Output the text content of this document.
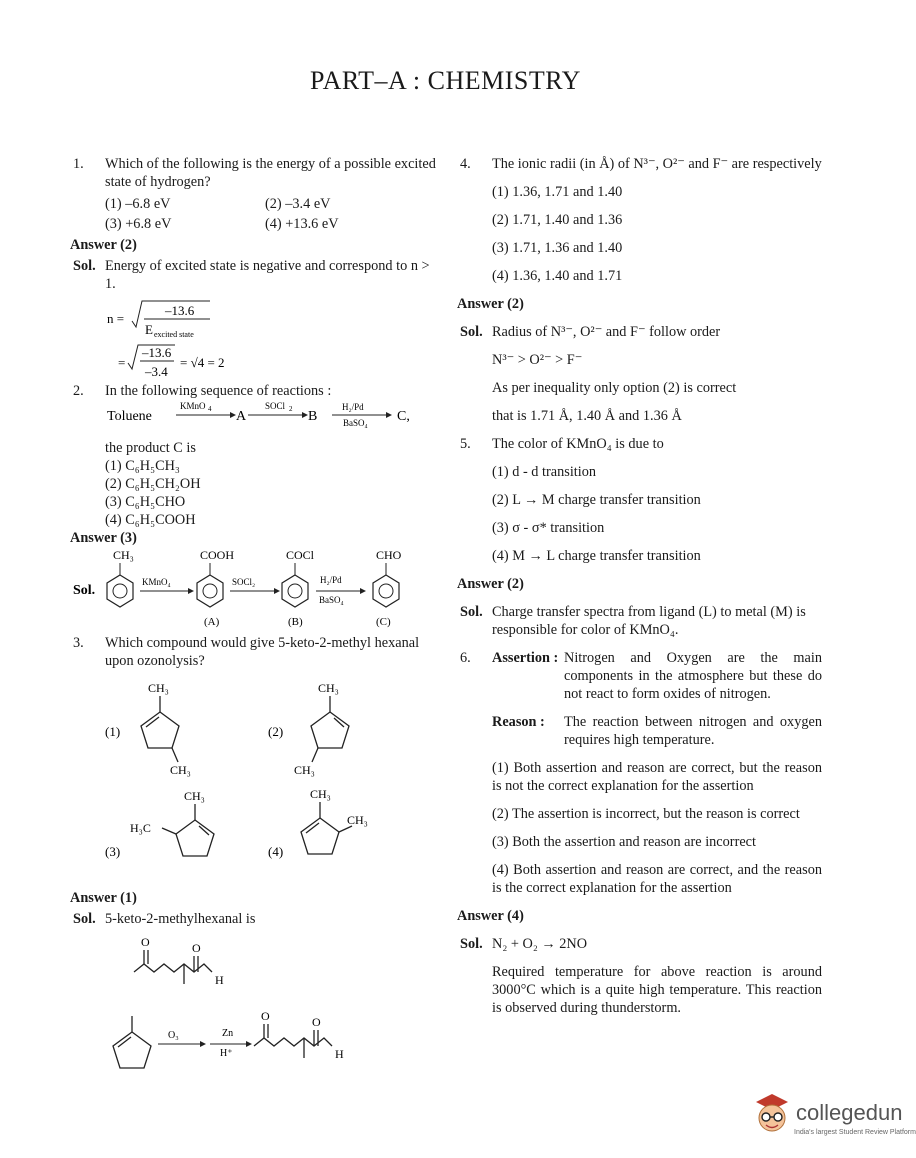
PART–A : CHEMISTRY
1. Which of the following is the energy of a possible excited state of hydrogen?
(1) –6.8 eV	(2) –3.4 eV
(3) +6.8 eV	(4) +13.6 eV
Answer (2)
Sol. Energy of excited state is negative and correspond to n > 1.
n =
–13.6
E excited state
=
–13.6
–3.4
= √4 = 2
2. In the following sequence of reactions :
Toluene
KMnO 4 A
SOCl 2 B
H₂/Pd
BaSO₄ C,
the product C is
(1) C₆H₅CH₃
(2) C₆H₅CH₂OH
(3) C₆H₅CHO
(4) C₆H₅COOH
Answer (3)
Sol.
CH₃
KMnO₄
COOH
(A)
SOCl₂
COCl
(B)
H₂/Pd
BaSO₄
CHO
(C)
3. Which compound would give 5-keto-2-methyl hexanal upon ozonolysis?
(1)
CH₃
CH₃
(2)
CH₃
CH₃
(3)
CH₃
H₃C
(4)
CH₃
CH₃
Answer (1)
Sol. 5-keto-2-methylhexanal is
O	O
H
O₃	Zn
H⁺
O	O
H
4. The ionic radii (in Å) of N³⁻, O²⁻ and F⁻ are respectively
(1) 1.36, 1.71 and 1.40
(2) 1.71, 1.40 and 1.36
(3) 1.71, 1.36 and 1.40
(4) 1.36, 1.40 and 1.71
Answer (2)
Sol. Radius of N³⁻, O²⁻ and F⁻ follow order
N³⁻ > O²⁻ > F⁻
As per inequality only option (2) is correct
that is 1.71 Å, 1.40 Å and 1.36 Å
5. The color of KMnO₄ is due to
(1) d - d transition
(2) L → M charge transfer transition
(3) σ - σ* transition
(4) M → L charge transfer transition
Answer (2)
Sol. Charge transfer spectra from ligand (L) to metal (M) is responsible for color of KMnO₄.
6. Assertion : Nitrogen and Oxygen are the main components in the atmosphere but these do not react to form oxides of nitrogen.
Reason : The reaction between nitrogen and oxygen requires high temperature.
(1) Both assertion and reason are correct, but the reason is not the correct explanation for the assertion
(2) The assertion is incorrect, but the reason is correct
(3) Both the assertion and reason are incorrect
(4) Both assertion and reason are correct, and the reason is the correct explanation for the assertion
Answer (4)
Sol. N₂ + O₂ → 2NO
Required temperature for above reaction is around 3000°C which is a quite high temperature. This reaction is observed during thunderstorm.
collegedun
India's largest Student Review Platform
